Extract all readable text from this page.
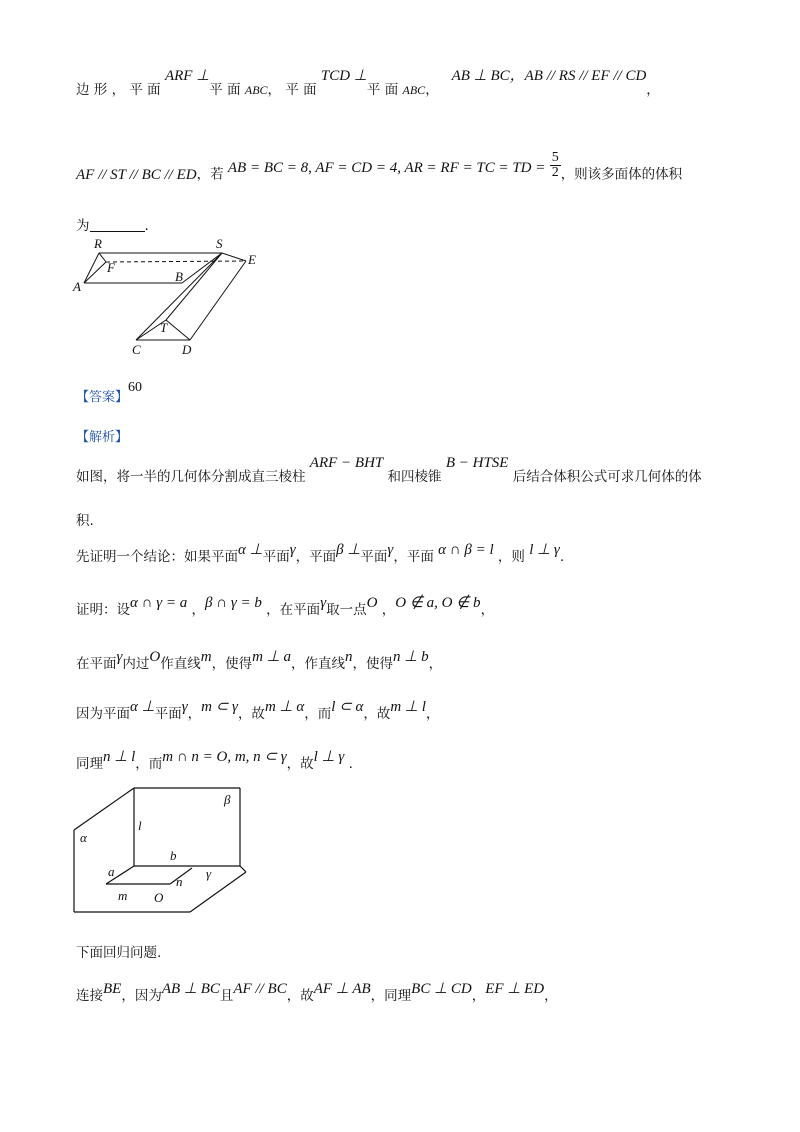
边 形 ， 平 面 ARF ⊥平 面 ABC， 平 面 TCD ⊥平 面 ABC，   AB ⊥ BC，AB // RS // EF // CD，
AF // ST // BC // ED，若 AB = BC = 8, AF = CD = 4, AR = RF = TC = TD = $\frac{5}{2}$ ，则该多面体的体积
为	.
R	S
E
F
A
B
T
C	D
【答案】60
【解析】
如图，将一半的几何体分割成直三棱柱 ARF − BHT 和四棱锥 B − HTSE 后结合体积公式可求几何体的体
积.
先证明一个结论：如果平面α ⊥平面γ，平面β ⊥平面γ，平面 α ∩ β = l ，则 l ⊥ γ.
证明：设α ∩ γ = a ，β ∩ γ = b ，在平面γ取一点O ，O ∉ a, O ∉ b，
在平面γ内过O作直线m，使得m ⊥ a，作直线n，使得n ⊥ b，
因为平面α ⊥平面γ，m ⊂ γ，故m ⊥ α，而l ⊂ α，故m ⊥ l，
同理n ⊥ l，而m ∩ n = O, m, n ⊂ γ，故l ⊥ γ .
β
α
l
b
a
n
γ
m O
下面回归问题.
连接BE，因为AB ⊥ BC且AF // BC，故AF ⊥ AB，同理BC ⊥ CD，EF ⊥ ED，
